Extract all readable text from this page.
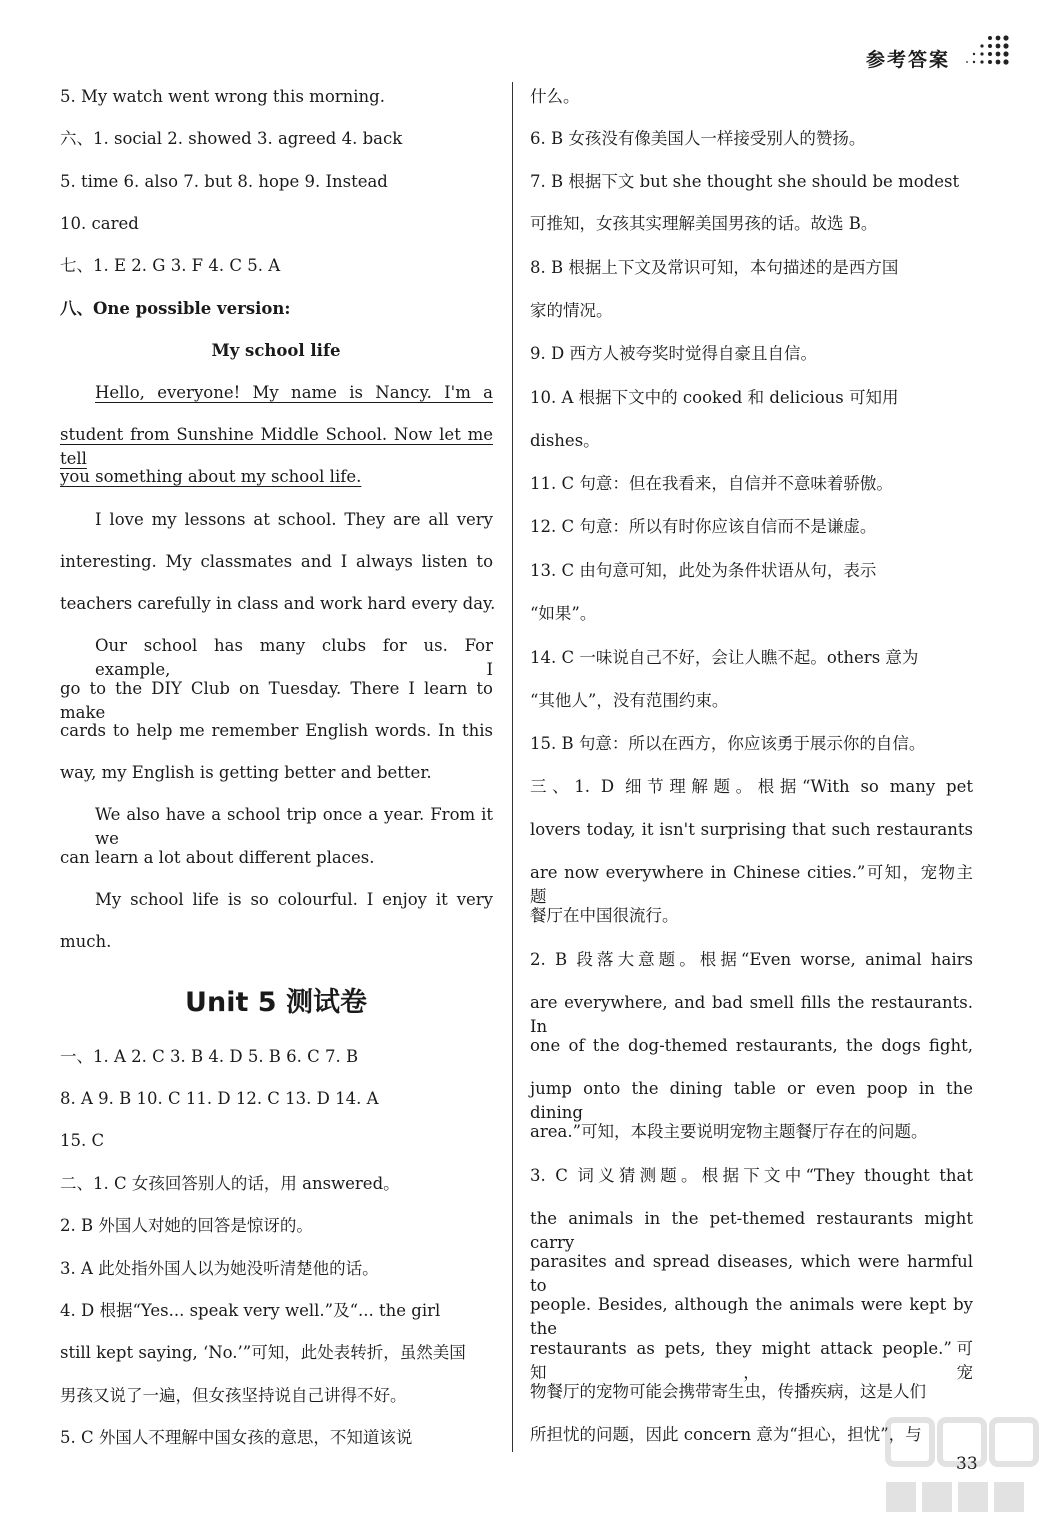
参考答案
5. My watch went wrong this morning.
六、1. social 2. showed 3. agreed 4. back
5. time 6. also 7. but 8. hope 9. Instead
10. cared
七、1. E 2. G 3. F 4. C 5. A
八、One possible version:
My school life
Hello, everyone! My name is Nancy. I'm a
student from Sunshine Middle School. Now let me tell
you something about my school life.
I love my lessons at school. They are all very
interesting. My classmates and I always listen to
teachers carefully in class and work hard every day.
Our school has many clubs for us. For example, I
go to the DIY Club on Tuesday. There I learn to make
cards to help me remember English words. In this
way, my English is getting better and better.
We also have a school trip once a year. From it we
can learn a lot about different places.
My school life is so colourful. I enjoy it very
much.
Unit 5 测试卷
一、1. A 2. C 3. B 4. D 5. B 6. C 7. B
8. A 9. B 10. C 11. D 12. C 13. D 14. A
15. C
二、1. C 女孩回答别人的话，用 answered。
2. B 外国人对她的回答是惊讶的。
3. A 此处指外国人以为她没听清楚他的话。
4. D 根据“Yes... speak very well.”及“... the girl
still kept saying, ‘No.’”可知，此处表转折，虽然美国
男孩又说了一遍，但女孩坚持说自己讲得不好。
5. C 外国人不理解中国女孩的意思，不知道该说
什么。
6. B 女孩没有像美国人一样接受别人的赞扬。
7. B 根据下文 but she thought she should be modest
可推知，女孩其实理解美国男孩的话。故选 B。
8. B 根据上下文及常识可知，本句描述的是西方国
家的情况。
9. D 西方人被夸奖时觉得自豪且自信。
10. A 根据下文中的 cooked 和 delicious 可知用
dishes。
11. C 句意：但在我看来，自信并不意味着骄傲。
12. C 句意：所以有时你应该自信而不是谦虚。
13. C 由句意可知，此处为条件状语从句，表示
“如果”。
14. C 一味说自己不好，会让人瞧不起。others 意为
“其他人”，没有范围约束。
15. B 句意：所以在西方，你应该勇于展示你的自信。
三、1. D 细节理解题。根据“With so many pet
lovers today, it isn't surprising that such restaurants
are now everywhere in Chinese cities.”可知，宠物主题
餐厅在中国很流行。
2. B 段落大意题。根据“Even worse, animal hairs
are everywhere, and bad smell fills the restaurants. In
one of the dog-themed restaurants, the dogs fight,
jump onto the dining table or even poop in the dining
area.”可知，本段主要说明宠物主题餐厅存在的问题。
3. C 词义猜测题。根据下文中“They thought that
the animals in the pet-themed restaurants might carry
parasites and spread diseases, which were harmful to
people. Besides, although the animals were kept by the
restaurants as pets, they might attack people.”可知，宠
物餐厅的宠物可能会携带寄生虫，传播疾病，这是人们
所担忧的问题，因此 concern 意为“担心，担忧”，与
33
